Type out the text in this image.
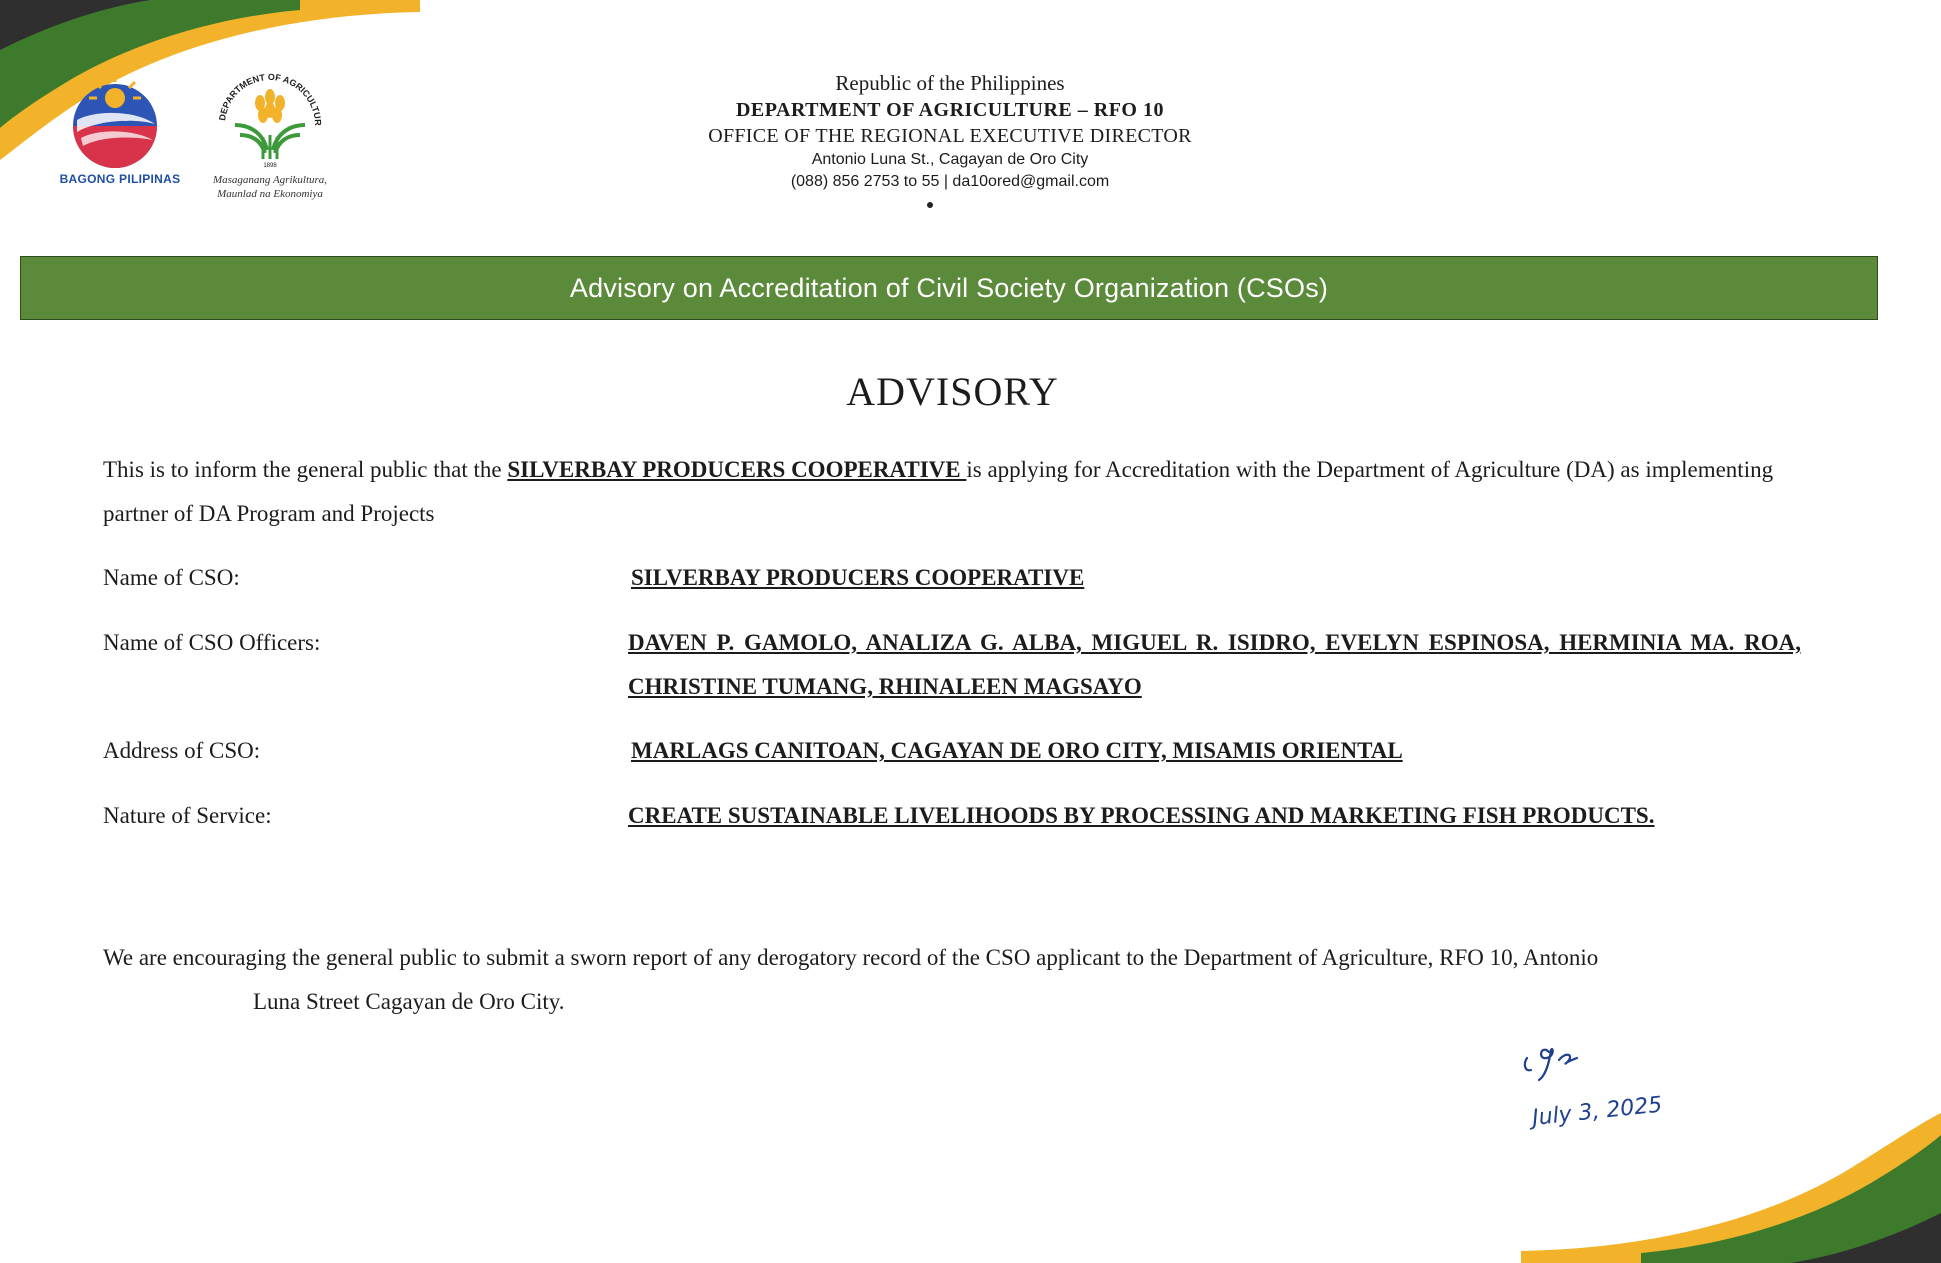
BAGONG PILIPINAS
DEPARTMENT OF AGRICULTUR
1898
Masaganang Agrikultura,
Maunlad na Ekonomiya
Republic of the Philippines
DEPARTMENT OF AGRICULTURE – RFO 10
OFFICE OF THE REGIONAL EXECUTIVE DIRECTOR
Antonio Luna St., Cagayan de Oro City
(088) 856 2753 to 55 | da10ored@gmail.com
Advisory on Accreditation of Civil Society Organization (CSOs)
ADVISORY
This is to inform the general public that the SILVERBAY PRODUCERS COOPERATIVE is applying for Accreditation with the Department of Agriculture (DA) as implementing partner of DA Program and Projects
Name of CSO:	SILVERBAY PRODUCERS COOPERATIVE
Name of CSO Officers:	DAVEN P. GAMOLO, ANALIZA G. ALBA, MIGUEL R. ISIDRO, EVELYN ESPINOSA, HERMINIA MA. ROA, CHRISTINE TUMANG, RHINALEEN MAGSAYO
Address of CSO:	MARLAGS CANITOAN, CAGAYAN DE ORO CITY, MISAMIS ORIENTAL
Nature of Service:	CREATE SUSTAINABLE LIVELIHOODS BY PROCESSING AND MARKETING FISH PRODUCTS.
We are encouraging the general public to submit a sworn report of any derogatory record of the CSO applicant to the Department of Agriculture, RFO 10, Antonio
Luna Street Cagayan de Oro City.
July 3, 2025
